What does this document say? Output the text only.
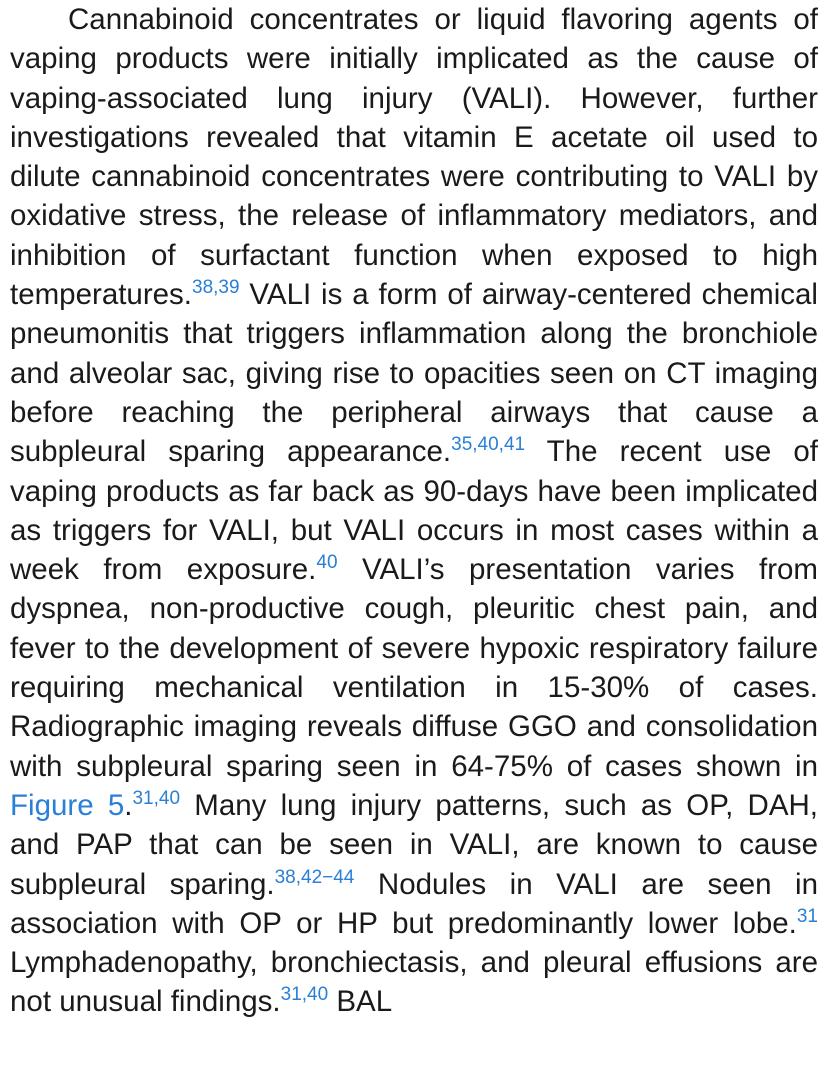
Cannabinoid concentrates or liquid flavoring agents of vaping products were initially implicated as the cause of vaping-associated lung injury (VALI). However, further investigations revealed that vitamin E acetate oil used to dilute cannabinoid concentrates were contributing to VALI by oxidative stress, the release of inflammatory mediators, and inhibition of surfactant function when exposed to high temperatures.$^{38,39}$ VALI is a form of airway-centered chemical pneumonitis that triggers inflammation along the bronchiole and alveolar sac, giving rise to opacities seen on CT imaging before reaching the peripheral airways that cause a subpleural sparing appearance.$^{35,40,41}$ The recent use of vaping products as far back as 90-days have been implicated as triggers for VALI, but VALI occurs in most cases within a week from exposure.$^{40}$ VALI’s presentation varies from dyspnea, non-productive cough, pleuritic chest pain, and fever to the development of severe hypoxic respiratory failure requiring mechanical ventilation in 15-30% of cases. Radiographic imaging reveals diffuse GGO and consolidation with subpleural sparing seen in 64-75% of cases shown in Figure 5.$^{31,40}$ Many lung injury patterns, such as OP, DAH, and PAP that can be seen in VALI, are known to cause subpleural sparing.$^{38,42-44}$ Nodules in VALI are seen in association with OP or HP but predominantly lower lobe.$^{31}$ Lymphadenopathy, bronchiectasis, and pleural effusions are not unusual findings.$^{31,40}$ BAL
